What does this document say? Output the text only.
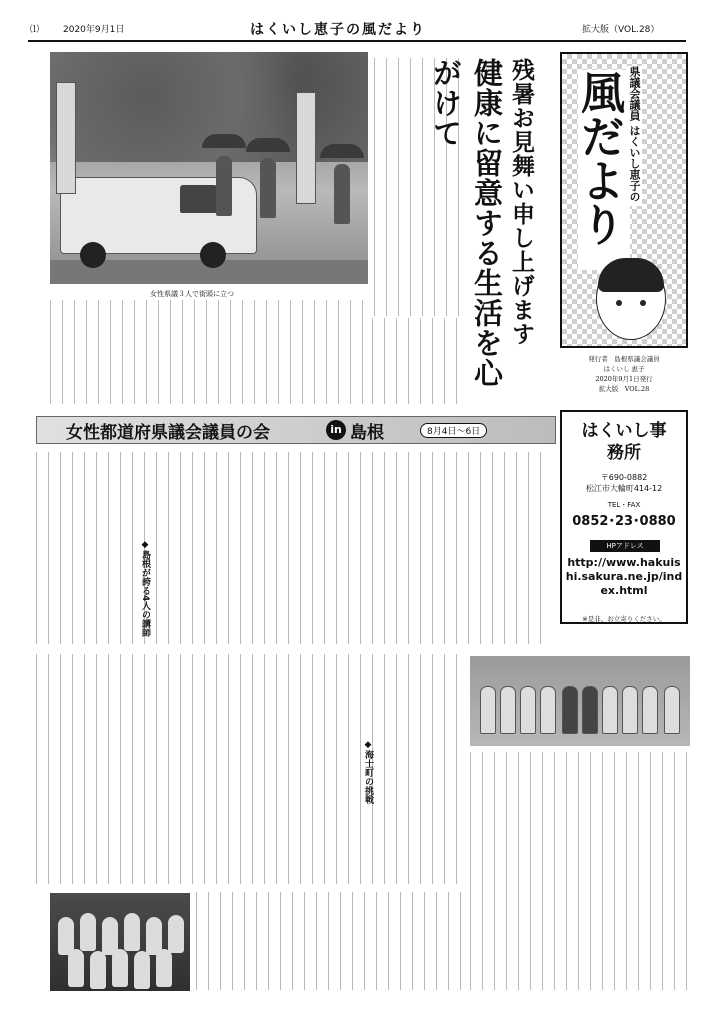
⑴	2020年9月1日	はくいし恵子の風だより	拡大版（VOL.28）
女性県議３人で街頭に立つ	残暑お見舞い申し上げます
健康に留意する生活を心がけて	風だより 県議会議員 はくいし恵子の
発行者　島根県議会議員
はくいし 恵子
2020年9月1日発行
拡大版　VOL.28
はくいし事務所
〒690-0882
松江市大輪町414-12
TEL・FAX
0852･23･0880
HPアドレス
http://www.hakuishi.sakura.ne.jp/index.html
※是非、お立寄りください。
女性都道府県議会議員の会	in 島根	8月4日〜6日
◆島根が誇る4人の講師
◆海士町の挑戦
